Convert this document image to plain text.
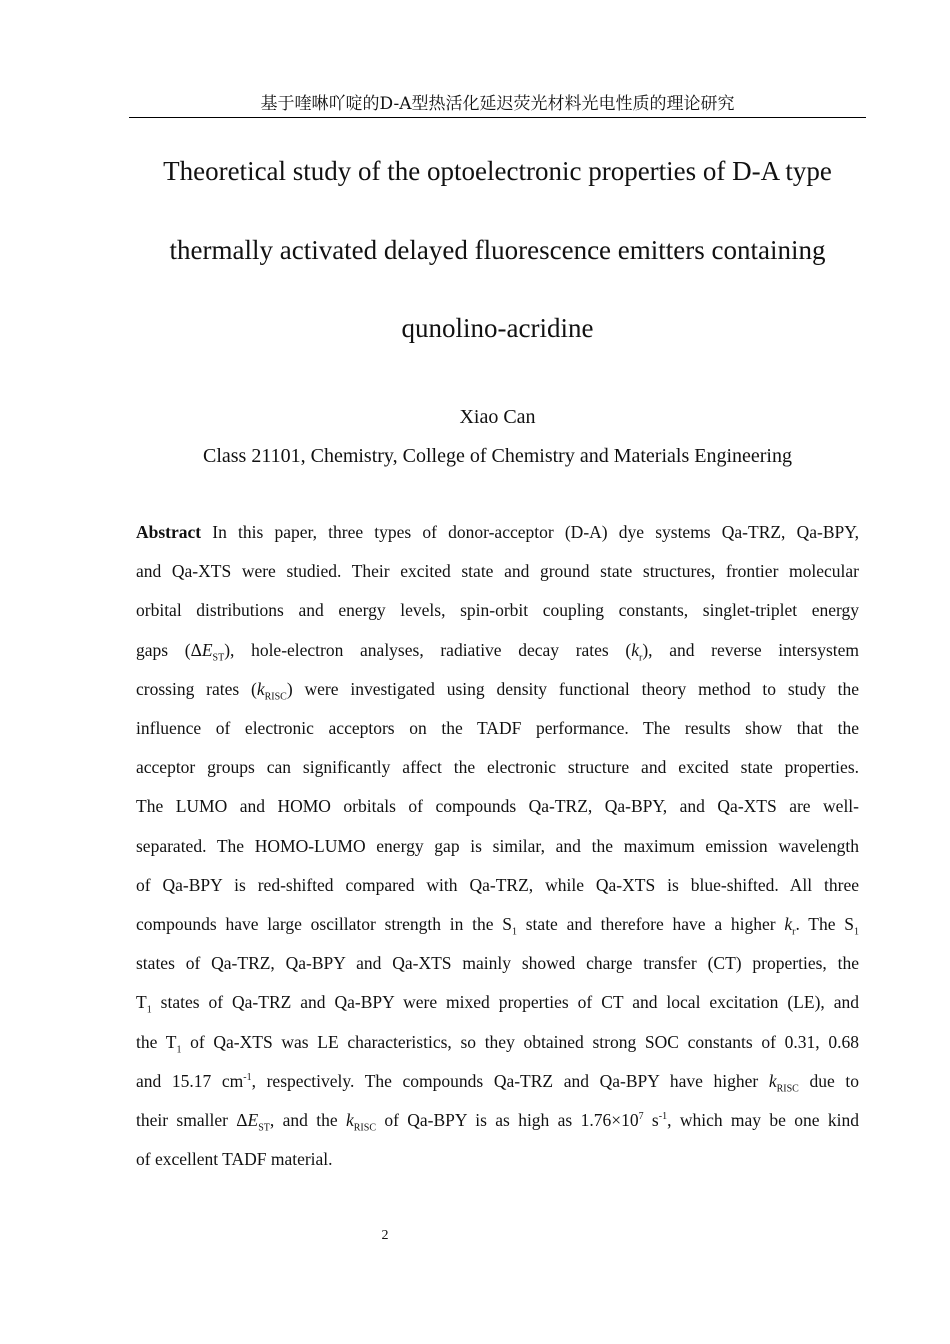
基于喹啉吖啶的D-A型热活化延迟荧光材料光电性质的理论研究
Theoretical study of the optoelectronic properties of D-A type
thermally activated delayed fluorescence emitters containing
qunolino-acridine
Xiao Can
Class 21101, Chemistry, College of Chemistry and Materials Engineering
Abstract In this paper, three types of donor-acceptor (D-A) dye systems Qa-TRZ, Qa-BPY,
and Qa-XTS were studied. Their excited state and ground state structures, frontier molecular
orbital distributions and energy levels, spin-orbit coupling constants, singlet-triplet energy
gaps $(\Delta E_{ST})$, hole-electron analyses, radiative decay rates $(k_r)$, and reverse intersystem
crossing rates $(k_{RISC})$ were investigated using density functional theory method to study the
influence of electronic acceptors on the TADF performance. The results show that the
acceptor groups can significantly affect the electronic structure and excited state properties.
The LUMO and HOMO orbitals of compounds Qa-TRZ, Qa-BPY, and Qa-XTS are well-
separated. The HOMO-LUMO energy gap is similar, and the maximum emission wavelength
of Qa-BPY is red-shifted compared with Qa-TRZ, while Qa-XTS is blue-shifted. All three
compounds have large oscillator strength in the $S_1$ state and therefore have a higher $k_r$. The $S_1$
states of Qa-TRZ, Qa-BPY and Qa-XTS mainly showed charge transfer (CT) properties, the
$T_1$ states of Qa-TRZ and Qa-BPY were mixed properties of CT and local excitation (LE), and
the $T_1$ of Qa-XTS was LE characteristics, so they obtained strong SOC constants of 0.31, 0.68
and 15.17 $cm^{-1}$, respectively. The compounds Qa-TRZ and Qa-BPY have higher $k_{RISC}$ due to
their smaller $\Delta E_{ST}$, and the $k_{RISC}$ of Qa-BPY is as high as $1.76\times 10^7$ $s^{-1}$, which may be one kind
of excellent TADF material.
2
